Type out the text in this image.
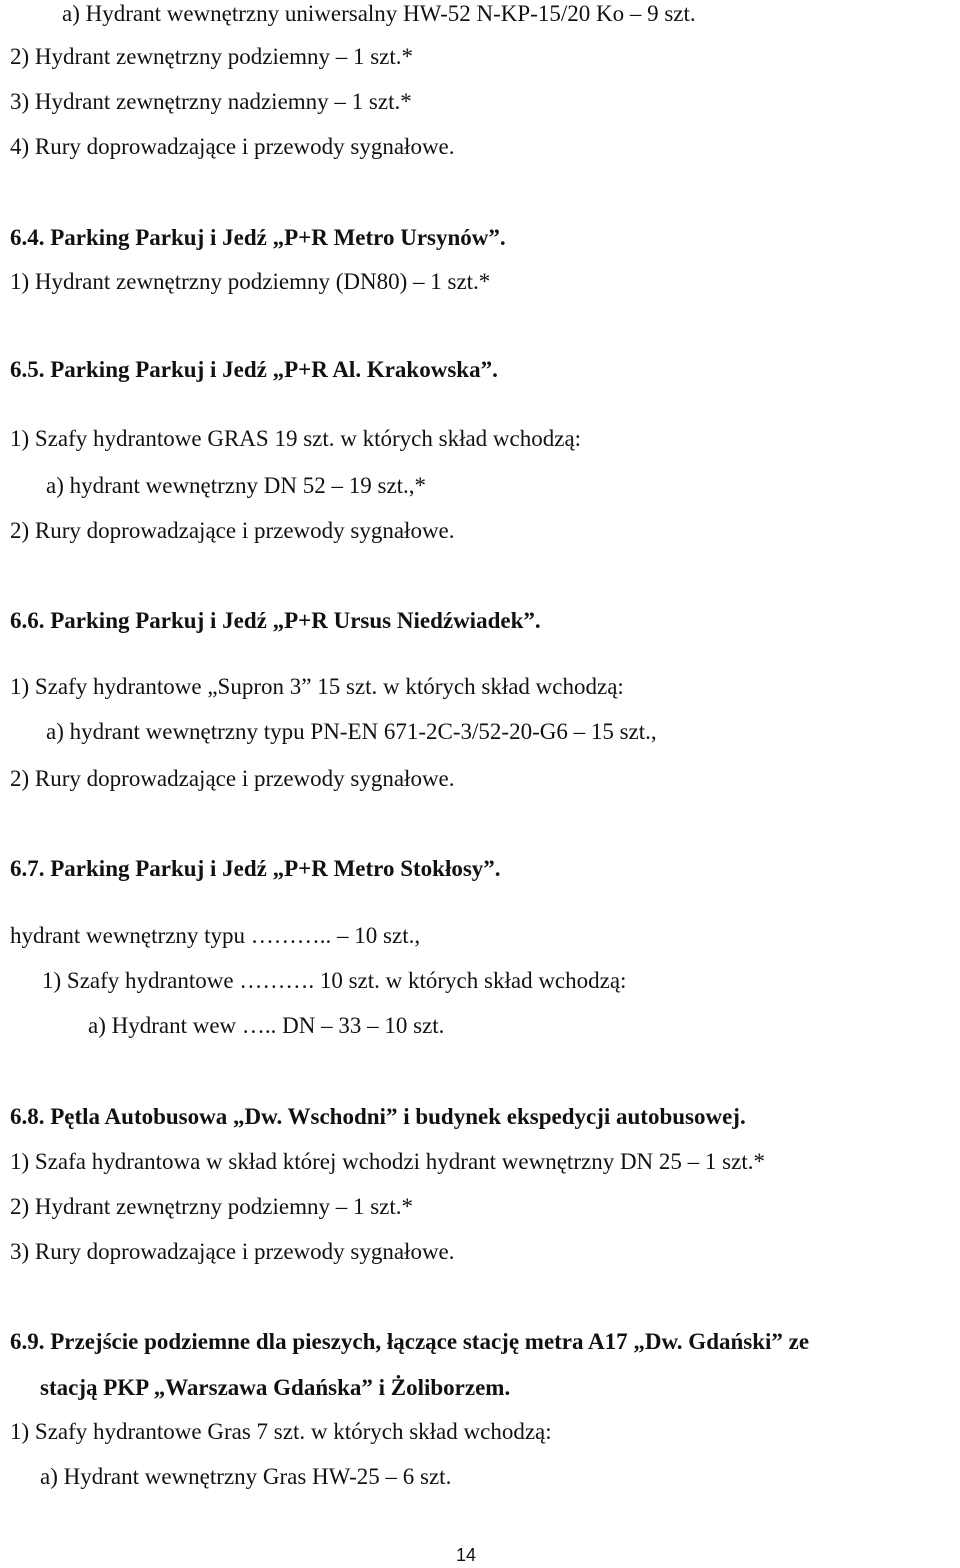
a) Hydrant wewnętrzny uniwersalny HW-52 N-KP-15/20 Ko – 9 szt.
2) Hydrant zewnętrzny podziemny – 1 szt.*
3) Hydrant zewnętrzny nadziemny – 1 szt.*
4) Rury doprowadzające i przewody sygnałowe.
6.4. Parking Parkuj i Jedź „P+R Metro Ursynów”.
1) Hydrant zewnętrzny podziemny (DN80) – 1 szt.*
6.5. Parking Parkuj i Jedź „P+R Al. Krakowska”.
1) Szafy hydrantowe GRAS 19 szt. w których skład wchodzą:
a) hydrant wewnętrzny DN 52 – 19 szt.,*
2) Rury doprowadzające i przewody sygnałowe.
6.6. Parking Parkuj i Jedź „P+R Ursus Niedźwiadek”.
1) Szafy hydrantowe „Supron 3” 15 szt. w których skład wchodzą:
a) hydrant wewnętrzny typu PN-EN 671-2C-3/52-20-G6 – 15 szt.,
2) Rury doprowadzające i przewody sygnałowe.
6.7. Parking Parkuj i Jedź „P+R Metro Stokłosy”.
hydrant wewnętrzny typu ……….. – 10 szt.,
1) Szafy hydrantowe ………. 10 szt. w których skład wchodzą:
a) Hydrant wew ….. DN – 33 – 10 szt.
6.8. Pętla Autobusowa „Dw. Wschodni” i budynek ekspedycji autobusowej.
1) Szafa hydrantowa w skład której wchodzi hydrant wewnętrzny DN 25 – 1 szt.*
2) Hydrant zewnętrzny podziemny – 1 szt.*
3) Rury doprowadzające i przewody sygnałowe.
6.9. Przejście podziemne dla pieszych, łączące stację metra A17 „Dw. Gdański” ze
stacją PKP „Warszawa Gdańska” i Żoliborzem.
1) Szafy hydrantowe Gras 7 szt. w których skład wchodzą:
a) Hydrant wewnętrzny Gras HW-25 – 6 szt.
14
